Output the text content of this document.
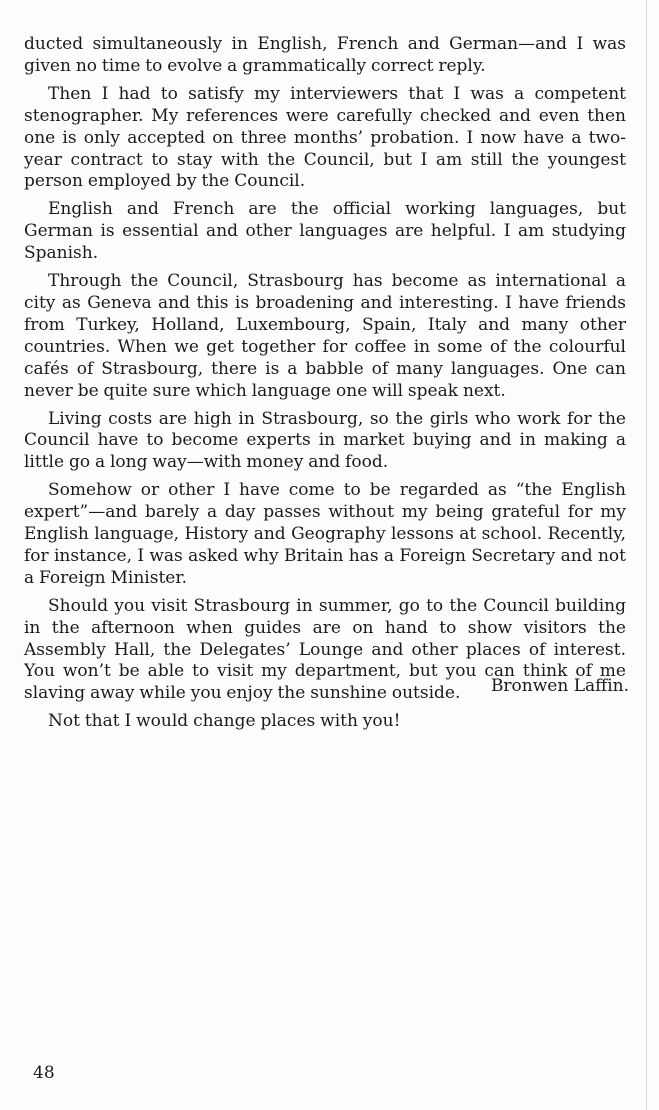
ducted simultaneously in English, French and German—and I was given no time to evolve a grammatically correct reply.

Then I had to satisfy my interviewers that I was a competent stenographer. My references were carefully checked and even then one is only accepted on three months’ probation. I now have a two-year contract to stay with the Council, but I am still the youngest person employed by the Council.

English and French are the official working languages, but German is essential and other languages are helpful. I am studying Spanish.

Through the Council, Strasbourg has become as international a city as Geneva and this is broadening and interesting. I have friends from Turkey, Holland, Luxembourg, Spain, Italy and many other countries. When we get together for coffee in some of the colourful cafés of Strasbourg, there is a babble of many languages. One can never be quite sure which language one will speak next.

Living costs are high in Strasbourg, so the girls who work for the Council have to become experts in market buying and in making a little go a long way—with money and food.

Somehow or other I have come to be regarded as “the English expert”—and barely a day passes without my being grateful for my English language, History and Geography lessons at school. Recently, for instance, I was asked why Britain has a Foreign Secretary and not a Foreign Minister.

Should you visit Strasbourg in summer, go to the Council building in the afternoon when guides are on hand to show visitors the Assembly Hall, the Delegates’ Lounge and other places of interest. You won’t be able to visit my department, but you can think of me slaving away while you enjoy the sunshine outside.

Not that I would change places with you!

Bronwen Laffin.
48
